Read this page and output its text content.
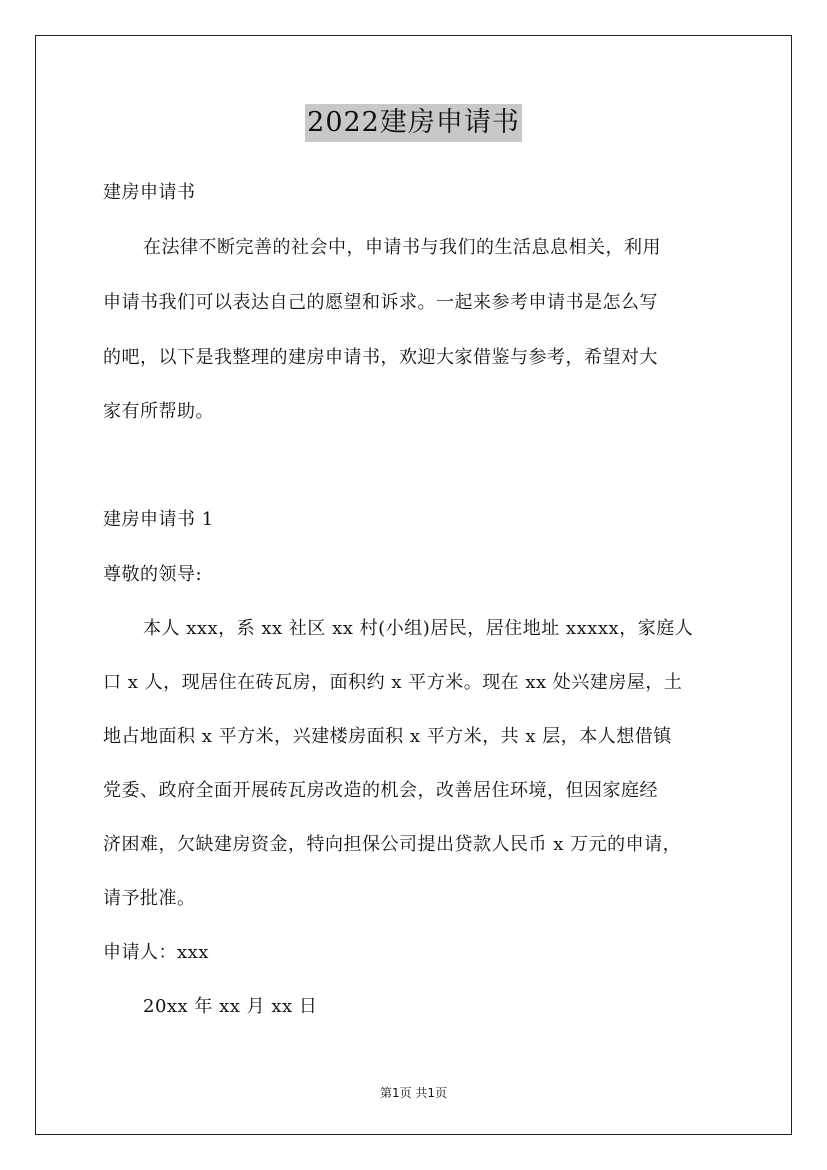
2022建房申请书
建房申请书
在法律不断完善的社会中，申请书与我们的生活息息相关，利用
申请书我们可以表达自己的愿望和诉求。一起来参考申请书是怎么写
的吧，以下是我整理的建房申请书，欢迎大家借鉴与参考，希望对大
家有所帮助。
建房申请书 1
尊敬的领导:
本人 xxx，系 xx 社区 xx 村(小组)居民，居住地址 xxxxx，家庭人
口 x 人，现居住在砖瓦房，面积约 x 平方米。现在 xx 处兴建房屋，土
地占地面积 x 平方米，兴建楼房面积 x 平方米，共 x 层，本人想借镇
党委、政府全面开展砖瓦房改造的机会，改善居住环境，但因家庭经
济困难，欠缺建房资金，特向担保公司提出贷款人民币 x 万元的申请，
请予批准。
申请人：xxx
20xx 年 xx 月 xx 日
第1页 共1页
